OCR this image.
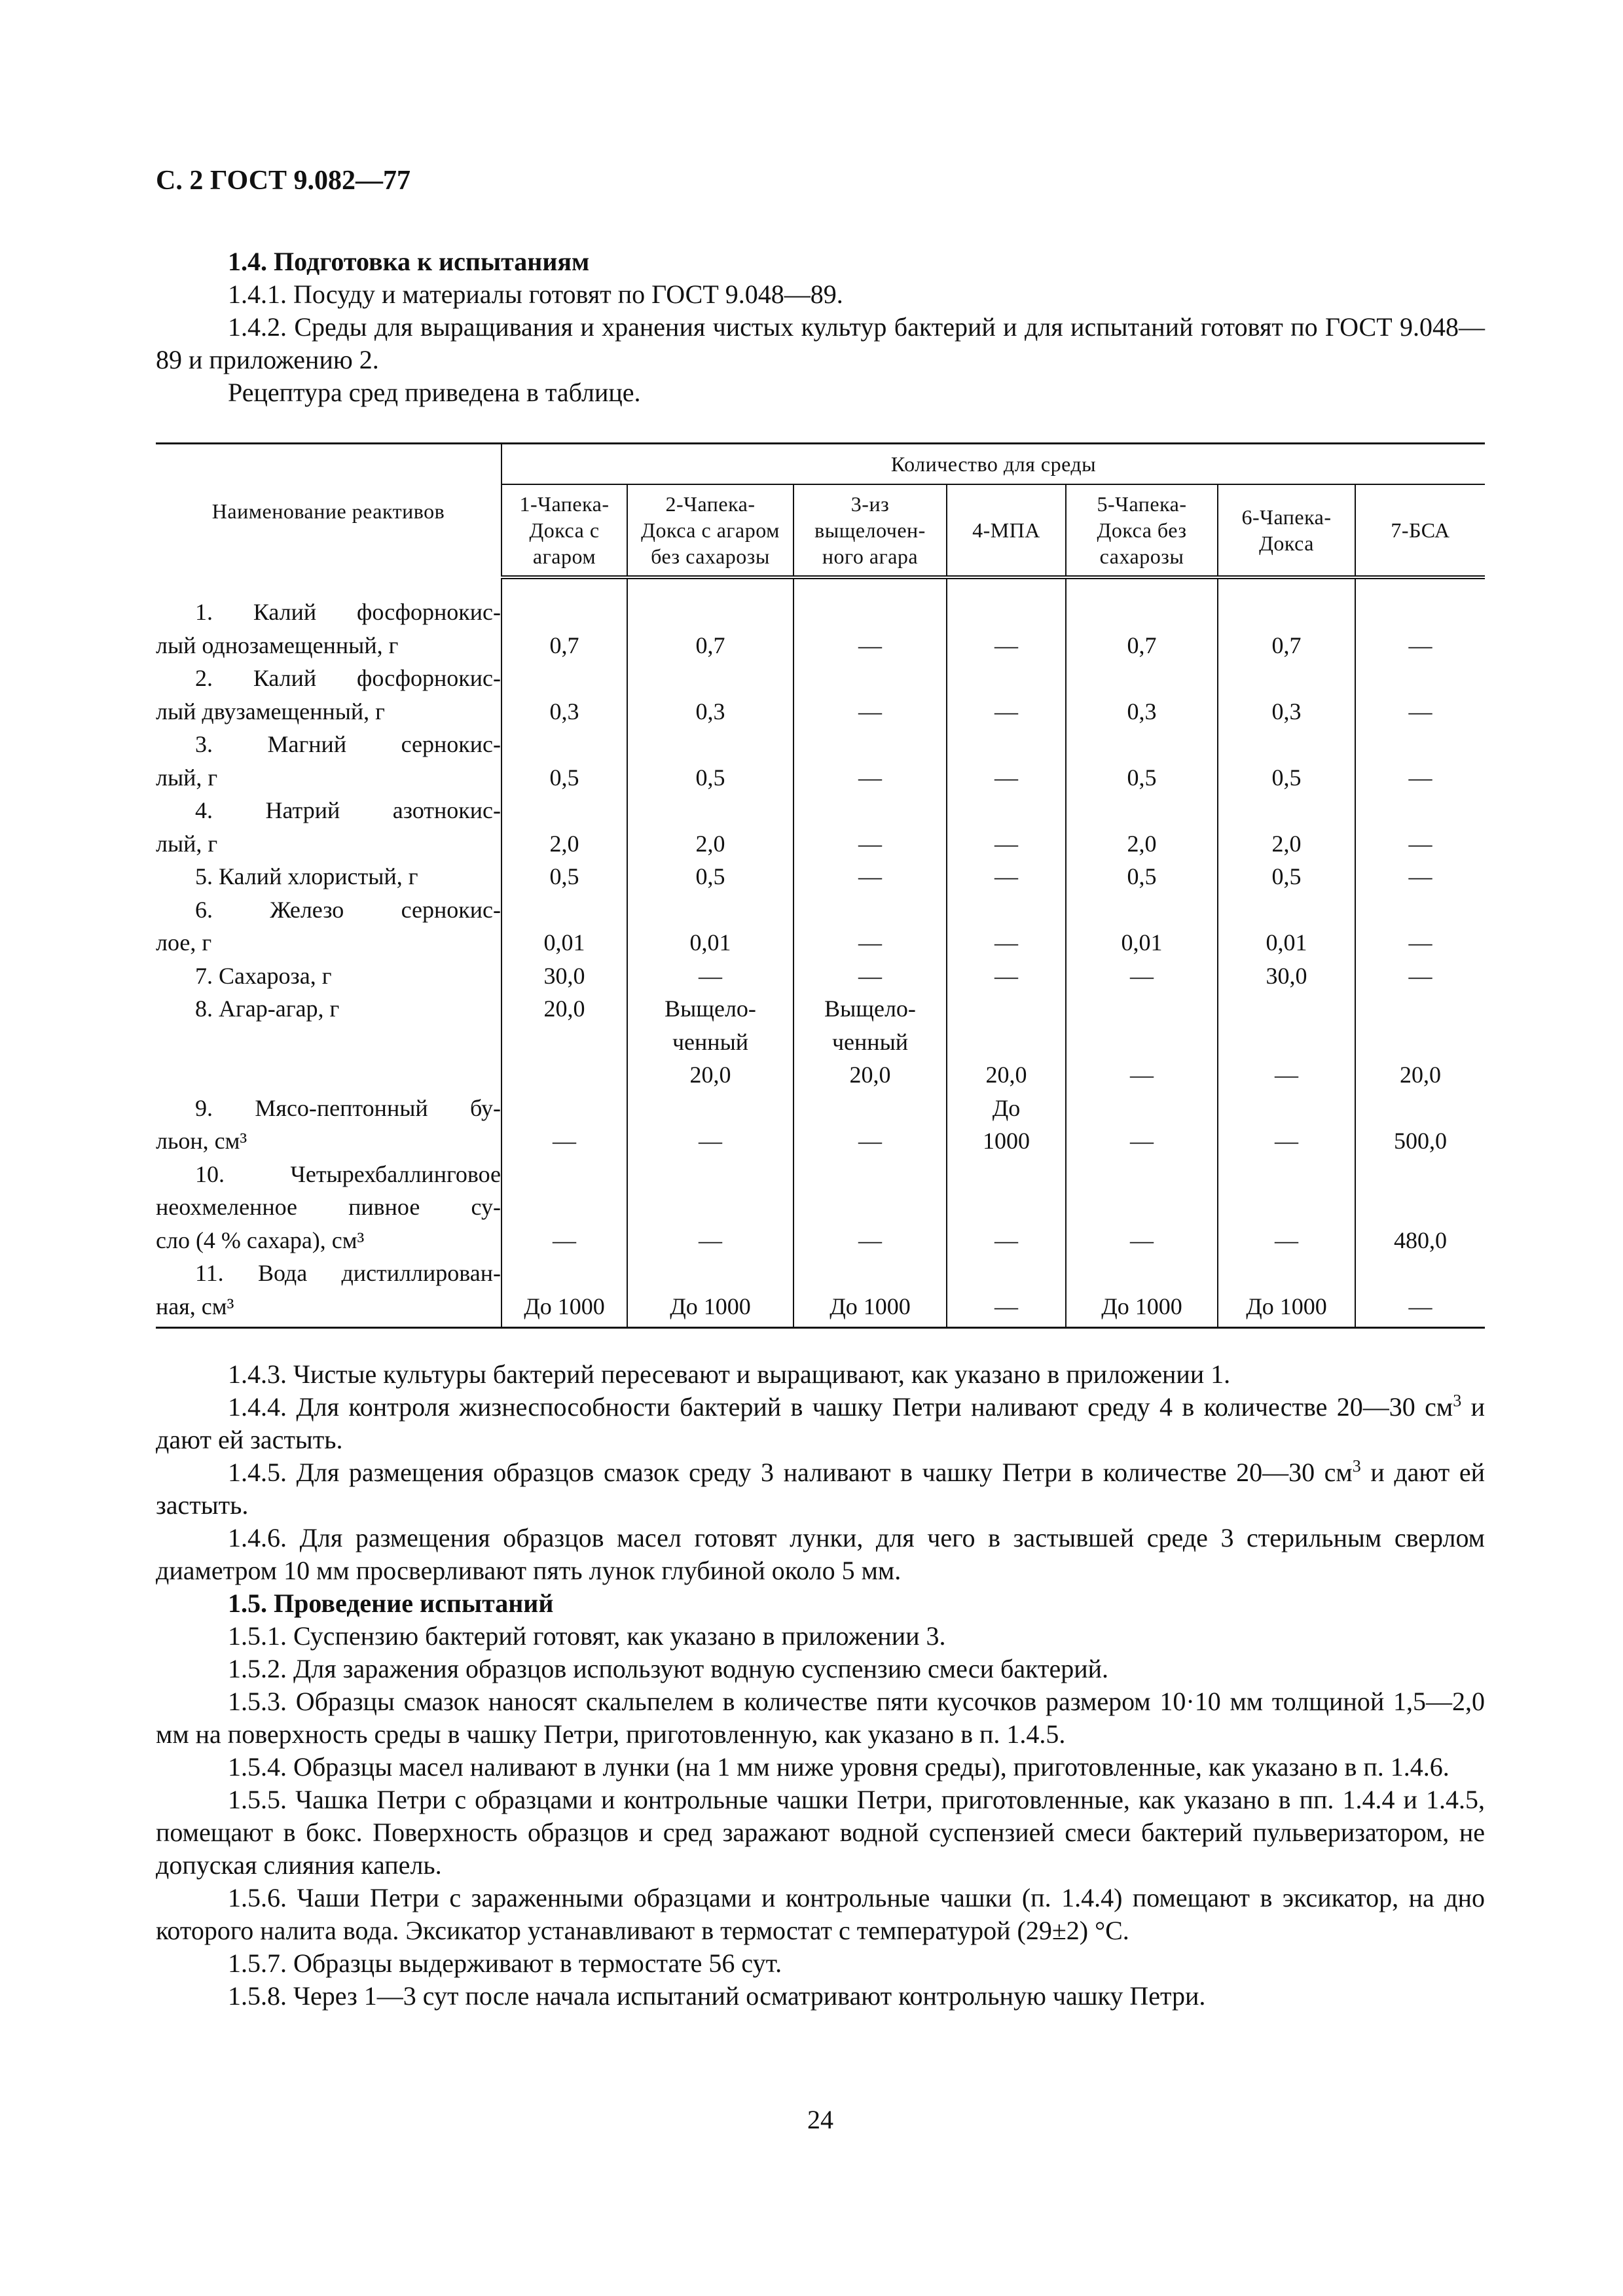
С. 2 ГОСТ 9.082—77

1.4. Подготовка к испытаниям

1.4.1. Посуду и материалы готовят по ГОСТ 9.048—89.

1.4.2. Среды для выращивания и хранения чистых культур бактерий и для испытаний готовят по ГОСТ 9.048—89 и приложению 2.

Рецептура сред приведена в таблице.

Наименование реактивов	Количество для среды						
	1-Чапека-
Докса с
агаром	2-Чапека-
Докса с агаром
без сахарозы	3-из
выщелочен-
ного агара	4-МПА	5-Чапека-
Докса без
сахарозы	6-Чапека-
Докса	7-БСА

1. Калий фосфорнокис-
лый однозамещенный, г	0,7	0,7	—	—	0,7	0,7	—

2. Калий фосфорнокис-
лый двузамещенный, г	0,3	0,3	—	—	0,3	0,3	—

3. Магний сернокис-
лый, г	0,5	0,5	—	—	0,5	0,5	—

4. Натрий азотнокис-
лый, г	2,0	2,0	—	—	2,0	2,0	—

5. Калий хлористый, г	0,5	0,5	—	—	0,5	0,5	—

6. Железо сернокис-
лое, г	0,01	0,01	—	—	0,01	0,01	—

7. Сахароза, г	30,0	—	—	—	—	30,0	—

8. Агар-агар, г	20,0	Выщело-
ченный
20,0	Выщело-
ченный
20,0	20,0	—	—	20,0

9. Мясо-пептонный бу-
льон, см³	—	—	—	До
1000	—	—	500,0

10. Четырехбаллинговое
неохмеленное пивное су-
сло (4 % сахара), см³	—	—	—	—	—	—	480,0

11. Вода дистиллирован-
ная, см³	До 1000	До 1000	До 1000	—	До 1000	До 1000	—

1.4.3. Чистые культуры бактерий пересевают и выращивают, как указано в приложении 1.

1.4.4. Для контроля жизнеспособности бактерий в чашку Петри наливают среду 4 в количестве 20—30 $см^3$ и дают ей застыть.

1.4.5. Для размещения образцов смазок среду 3 наливают в чашку Петри в количестве 20—30 $см^3$ и дают ей застыть.

1.4.6. Для размещения образцов масел готовят лунки, для чего в застывшей среде 3 стерильным сверлом диаметром 10 мм просверливают пять лунок глубиной около 5 мм.

1.5. Проведение испытаний

1.5.1. Суспензию бактерий готовят, как указано в приложении 3.

1.5.2. Для заражения образцов используют водную суспензию смеси бактерий.

1.5.3. Образцы смазок наносят скальпелем в количестве пяти кусочков размером 10·10 мм толщиной 1,5—2,0 мм на поверхность среды в чашку Петри, приготовленную, как указано в п. 1.4.5.

1.5.4. Образцы масел наливают в лунки (на 1 мм ниже уровня среды), приготовленные, как указано в п. 1.4.6.

1.5.5. Чашка Петри с образцами и контрольные чашки Петри, приготовленные, как указано в пп. 1.4.4 и 1.4.5, помещают в бокс. Поверхность образцов и сред заражают водной суспензией смеси бактерий пульверизатором, не допуская слияния капель.

1.5.6. Чаши Петри с зараженными образцами и контрольные чашки (п. 1.4.4) помещают в эксикатор, на дно которого налита вода. Эксикатор устанавливают в термостат с температурой (29±2) °С.

1.5.7. Образцы выдерживают в термостате 56 сут.

1.5.8. Через 1—3 сут после начала испытаний осматривают контрольную чашку Петри.

24
